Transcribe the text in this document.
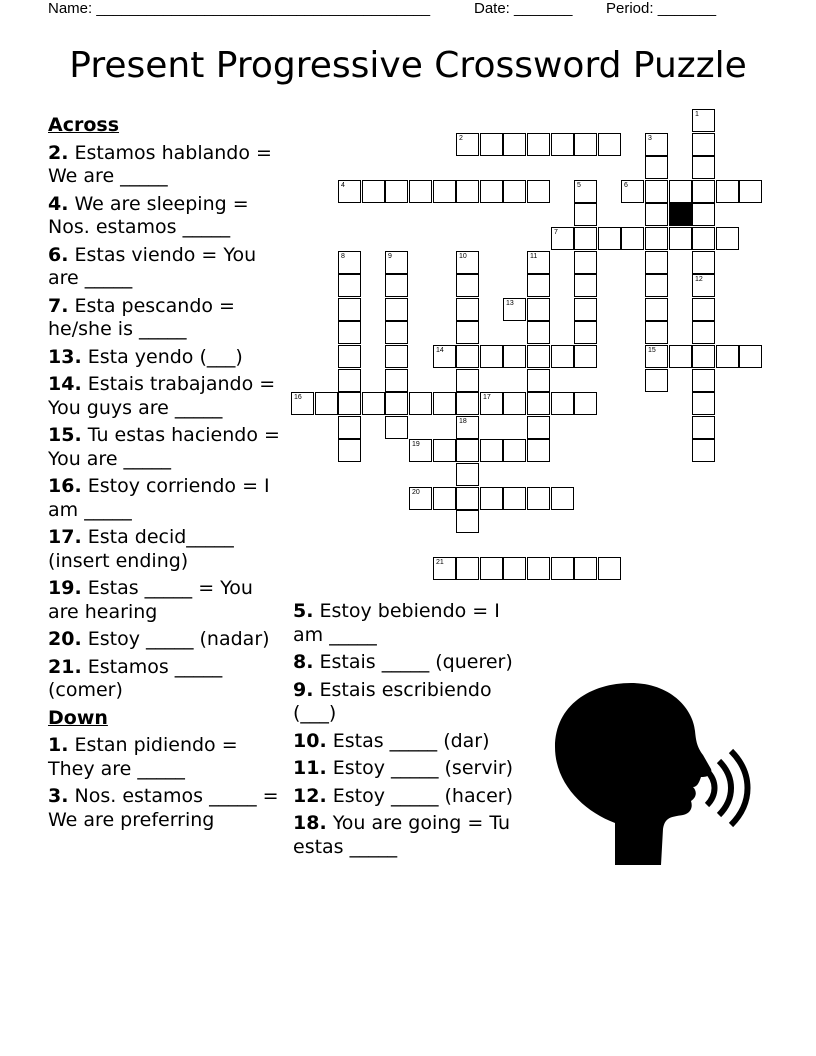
Name: ________________________________________	Date: _______ Period: _______
Present Progressive Crossword Puzzle
2
4	6
7
14	15
16	17
19
20
21
13
1
12
3
5
8	9	10
18
11
Across
2. Estamos hablando = We are _____
4. We are sleeping = Nos. estamos _____
6. Estas viendo = You are _____
7. Esta pescando = he/she is _____
13. Esta yendo (___)
14. Estais trabajando = You guys are _____
15. Tu estas haciendo = You are _____
16. Estoy corriendo = I am _____
17. Esta decid_____ (insert ending)
19. Estas _____ = You are hearing
20. Estoy _____ (nadar)
21. Estamos _____ (comer)
Down
1. Estan pidiendo = They are _____
3. Nos. estamos _____ = We are preferring
5. Estoy bebiendo = I am _____
8. Estais _____ (querer)
9. Estais escribiendo (___)
10. Estas _____ (dar)
11. Estoy _____ (servir)
12. Estoy _____ (hacer)
18. You are going = Tu estas _____
